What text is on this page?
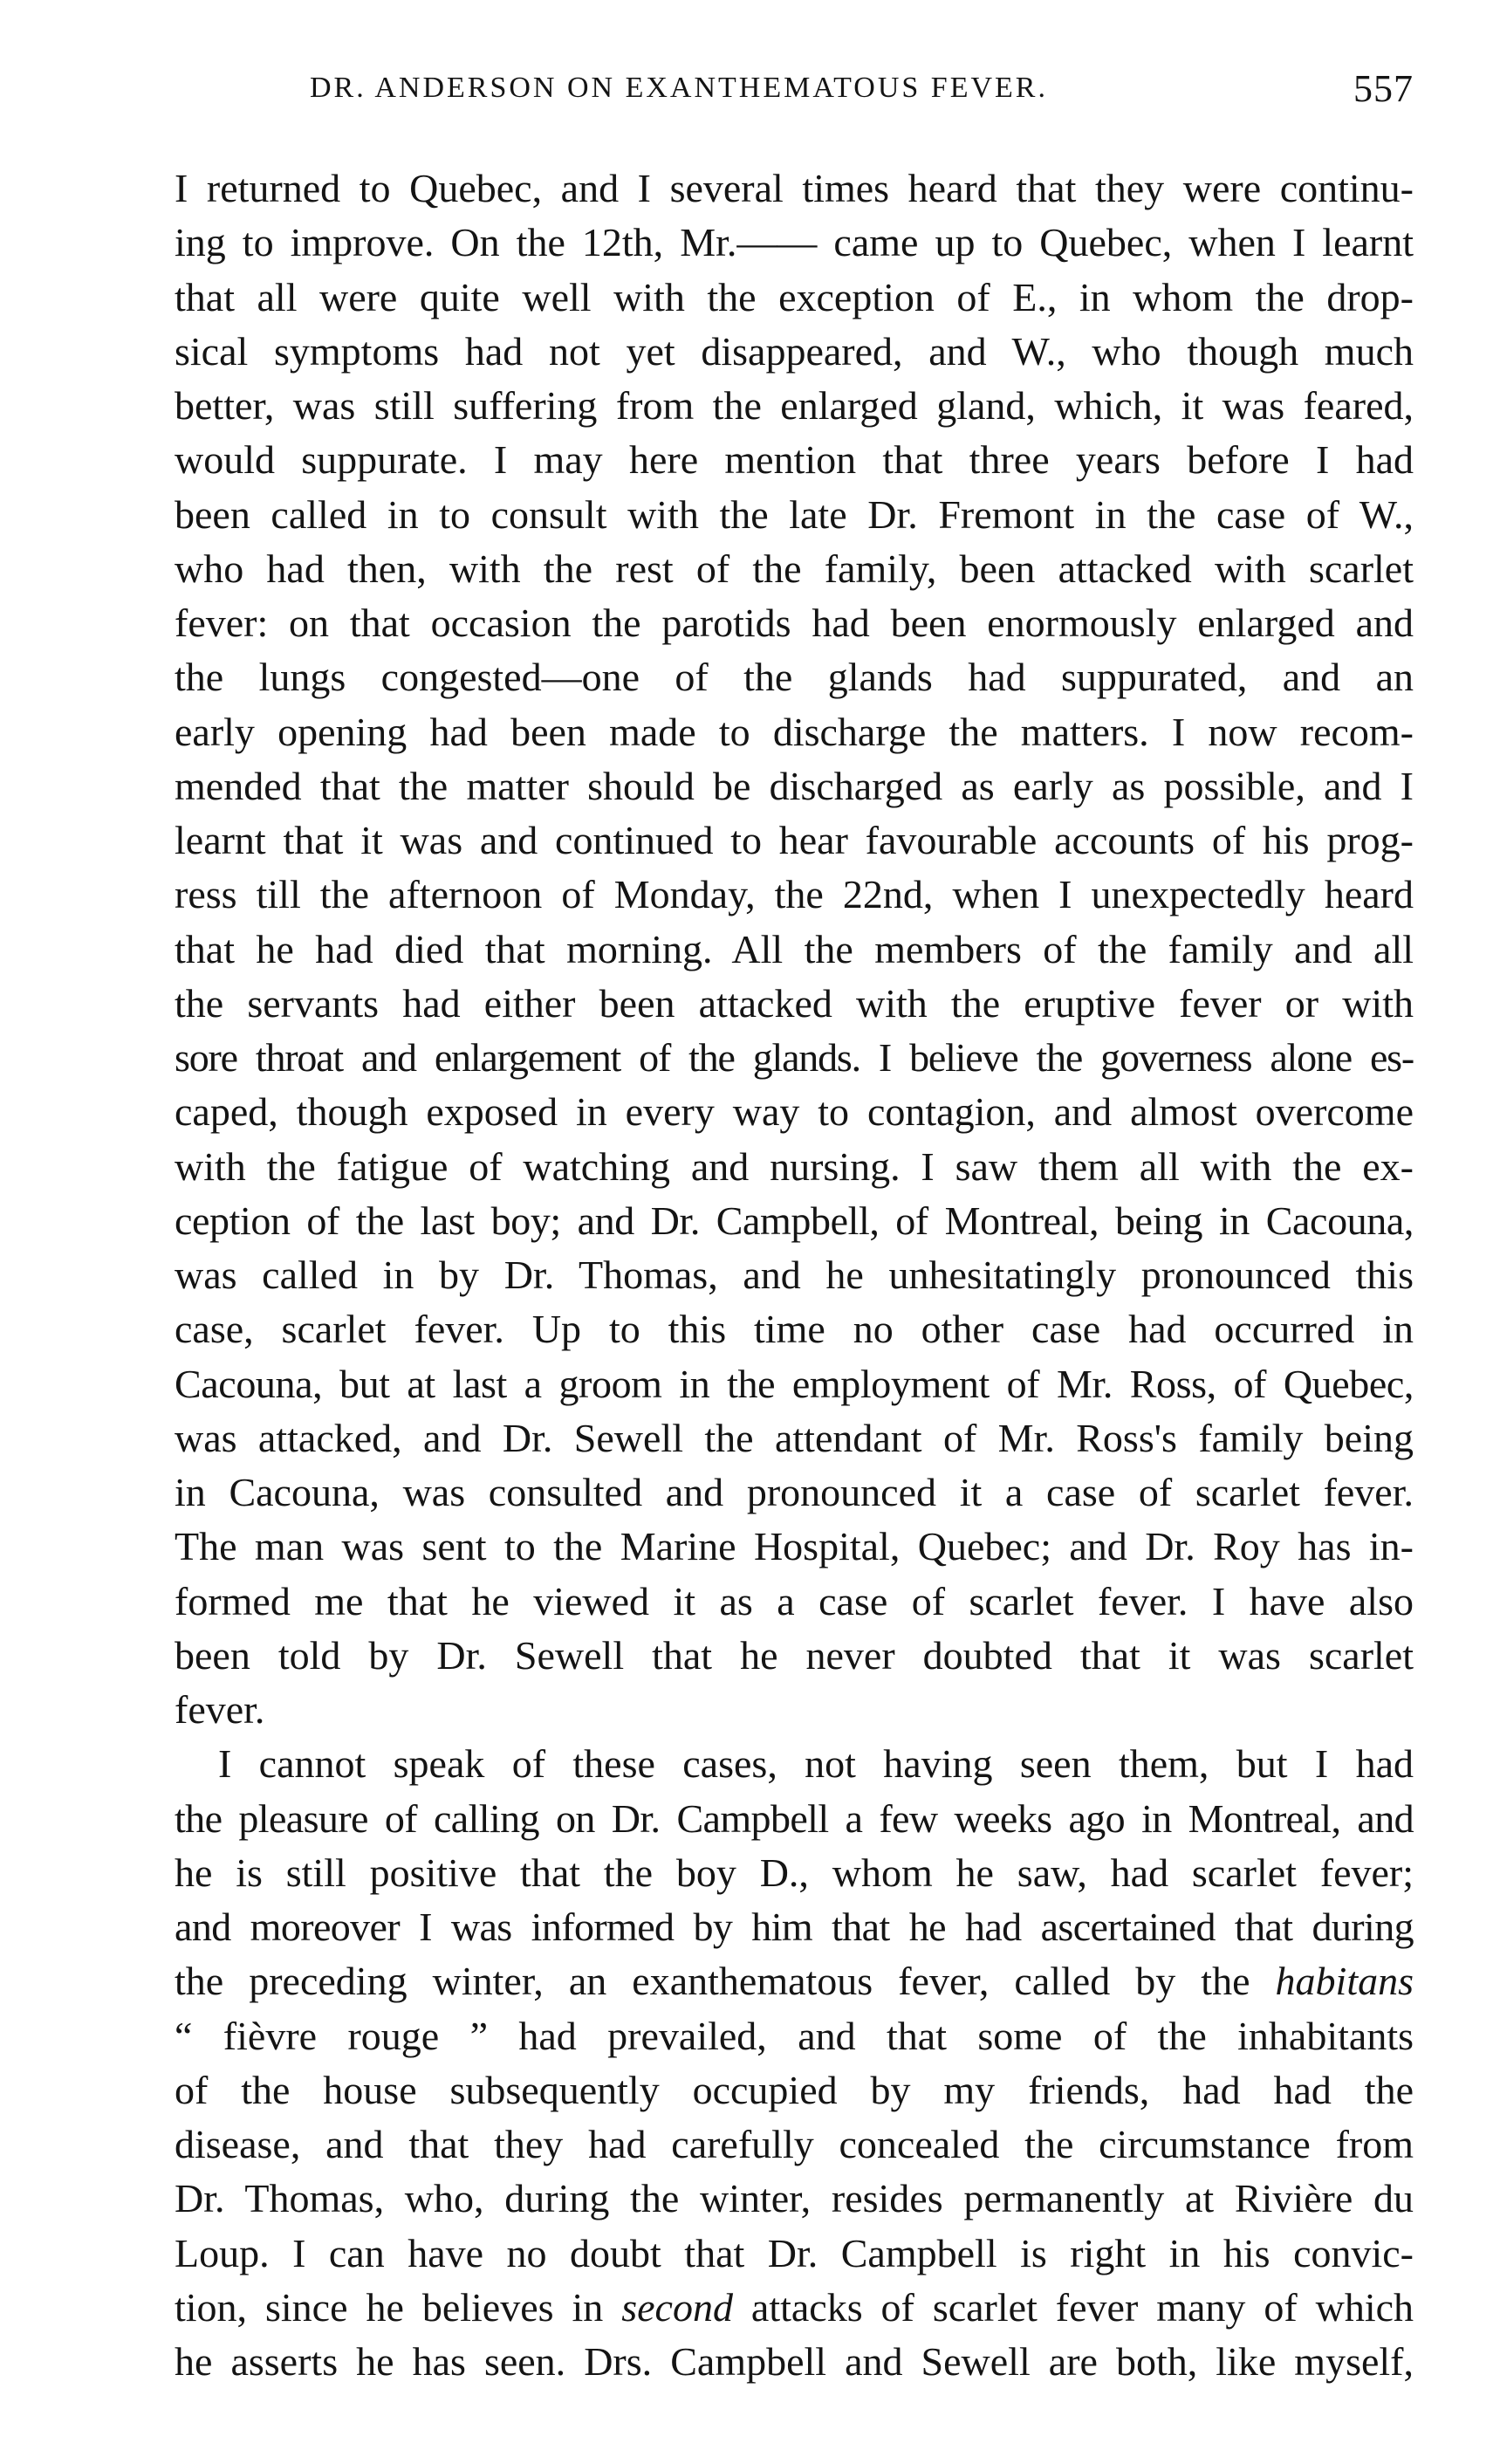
DR. ANDERSON ON EXANTHEMATOUS FEVER.	557
I returned to Quebec, and I several times heard that they were continu-
ing to improve. On the 12th, Mr.—— came up to Quebec, when I learnt
that all were quite well with the exception of E., in whom the drop-
sical symptoms had not yet disappeared, and W., who though much
better, was still suffering from the enlarged gland, which, it was feared,
would suppurate. I may here mention that three years before I had
been called in to consult with the late Dr. Fremont in the case of W.,
who had then, with the rest of the family, been attacked with scarlet
fever: on that occasion the parotids had been enormously enlarged and
the lungs congested—one of the glands had suppurated, and an
early opening had been made to discharge the matters. I now recom-
mended that the matter should be discharged as early as possible, and I
learnt that it was and continued to hear favourable accounts of his prog-
ress till the afternoon of Monday, the 22nd, when I unexpectedly heard
that he had died that morning. All the members of the family and all
the servants had either been attacked with the eruptive fever or with
sore throat and enlargement of the glands. I believe the governess alone es-
caped, though exposed in every way to contagion, and almost overcome
with the fatigue of watching and nursing. I saw them all with the ex-
ception of the last boy; and Dr. Campbell, of Montreal, being in Cacouna,
was called in by Dr. Thomas, and he unhesitatingly pronounced this
case, scarlet fever. Up to this time no other case had occurred in
Cacouna, but at last a groom in the employment of Mr. Ross, of Quebec,
was attacked, and Dr. Sewell the attendant of Mr. Ross's family being
in Cacouna, was consulted and pronounced it a case of scarlet fever.
The man was sent to the Marine Hospital, Quebec; and Dr. Roy has in-
formed me that he viewed it as a case of scarlet fever. I have also
been told by Dr. Sewell that he never doubted that it was scarlet
fever.
I cannot speak of these cases, not having seen them, but I had
the pleasure of calling on Dr. Campbell a few weeks ago in Montreal, and
he is still positive that the boy D., whom he saw, had scarlet fever;
and moreover I was informed by him that he had ascertained that during
the preceding winter, an exanthematous fever, called by the habitans
“ fièvre rouge ” had prevailed, and that some of the inhabitants
of the house subsequently occupied by my friends, had had the
disease, and that they had carefully concealed the circumstance from
Dr. Thomas, who, during the winter, resides permanently at Rivière du
Loup. I can have no doubt that Dr. Campbell is right in his convic-
tion, since he believes in second attacks of scarlet fever many of which
he asserts he has seen. Drs. Campbell and Sewell are both, like myself,
